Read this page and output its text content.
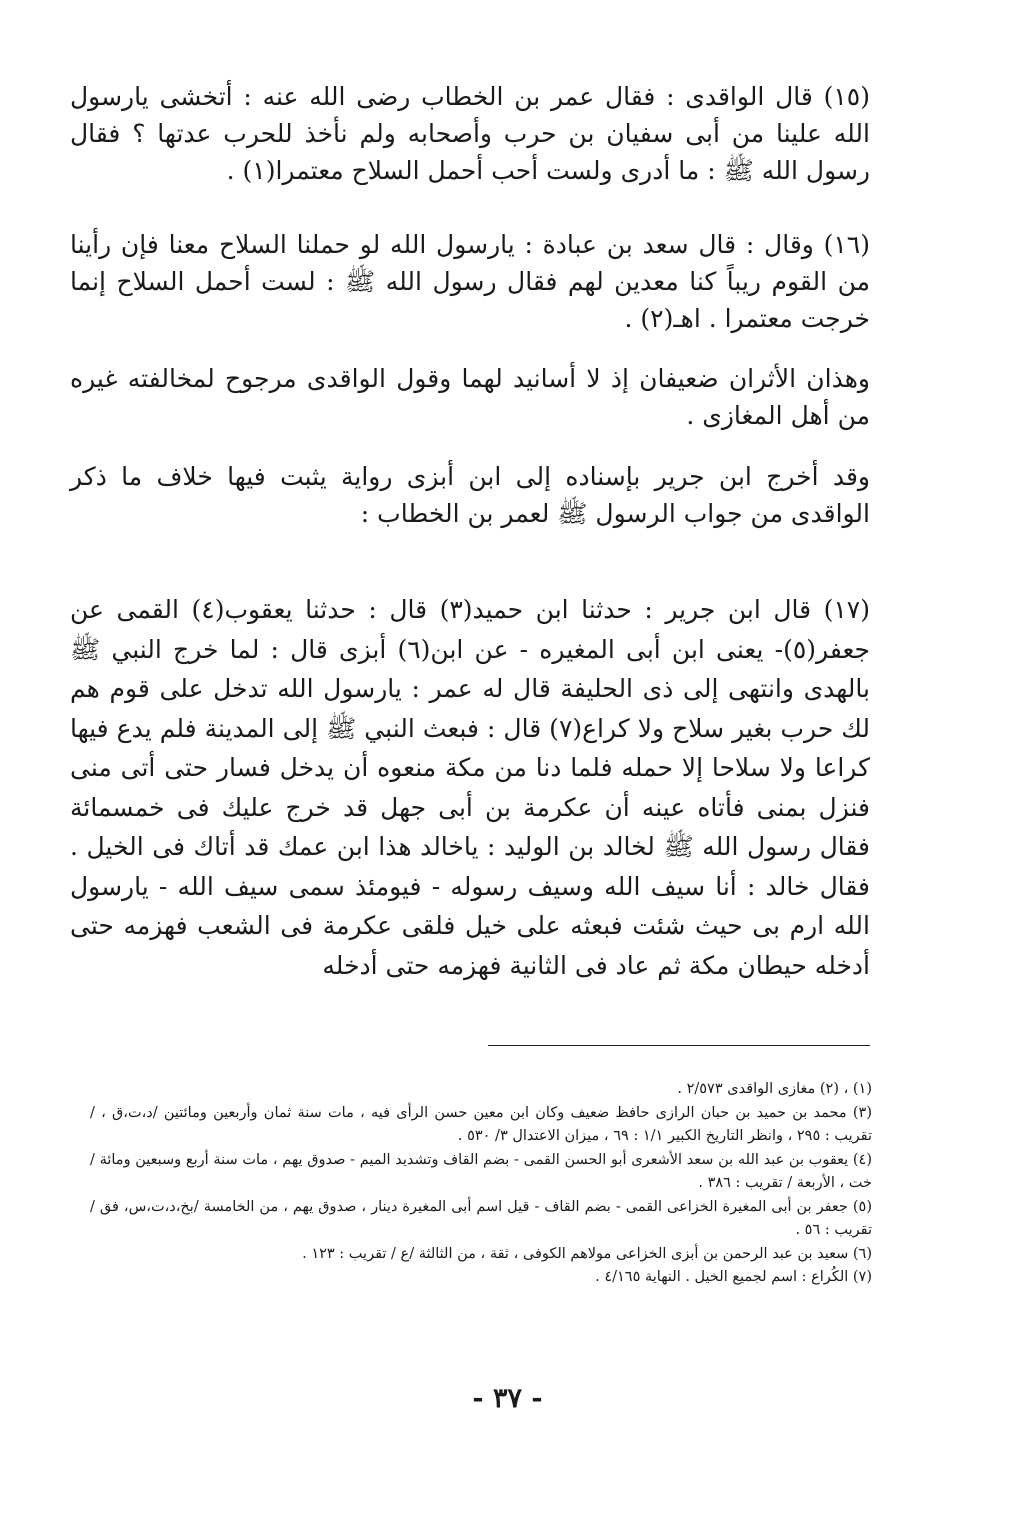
(١٥) قال الواقدى : فقال عمر بن الخطاب رضى الله عنه : أتخشى يارسول الله علينا من أبى سفيان بن حرب وأصحابه ولم نأخذ للحرب عدتها ؟ فقال رسول الله ﷺ : ما أدرى ولست أحب أحمل السلاح معتمرا(١) .

(١٦) وقال : قال سعد بن عبادة : يارسول الله لو حملنا السلاح معنا فإن رأينا من القوم ريباً كنا معدين لهم فقال رسول الله ﷺ : لست أحمل السلاح إنما خرجت معتمرا . اهـ(٢) .

وهذان الأثران ضعيفان إذ لا أسانيد لهما وقول الواقدى مرجوح لمخالفته غيره من أهل المغازى .

وقد أخرج ابن جرير بإسناده إلى ابن أبزى رواية يثبت فيها خلاف ما ذكر الواقدى من جواب الرسول ﷺ لعمر بن الخطاب :

(١٧) قال ابن جرير : حدثنا ابن حميد(٣) قال : حدثنا يعقوب(٤) القمى عن جعفر(٥)- يعنى ابن أبى المغيره - عن ابن(٦) أبزى قال : لما خرج النبي ﷺ بالهدى وانتهى إلى ذى الحليفة قال له عمر : يارسول الله تدخل على قوم هم لك حرب بغير سلاح ولا كراع(٧) قال : فبعث النبي ﷺ إلى المدينة فلم يدع فيها كراعا ولا سلاحا إلا حمله فلما دنا من مكة منعوه أن يدخل فسار حتى أتى منى فنزل بمنى فأتاه عينه أن عكرمة بن أبى جهل قد خرج عليك فى خمسمائة فقال رسول الله ﷺ لخالد بن الوليد : ياخالد هذا ابن عمك قد أتاك فى الخيل . فقال خالد : أنا سيف الله وسيف رسوله - فيومئذ سمى سيف الله - يارسول الله ارم بى حيث شئت فبعثه على خيل فلقى عكرمة فى الشعب فهزمه حتى أدخله حيطان مكة ثم عاد فى الثانية فهزمه حتى أدخله

(١) ، (٢) مغازى الواقدى ٢/٥٧٣ .

(٣) محمد بن حميد بن حبان الرازى حافظ ضعيف وكان ابن معين حسن الرأى فيه ، مات سنة ثمان وأربعين ومائتين /د،ت،ق ، / تقريب : ٢٩٥ ، وانظر التاريخ الكبير ١/١ : ٦٩ ، ميزان الاعتدال ٣/ ٥٣٠ .

(٤) يعقوب بن عبد الله بن سعد الأشعرى أبو الحسن القمى - بضم القاف وتشديد الميم - صدوق يهم ، مات سنة أربع وسبعين ومائة / خت ، الأربعة / تقريب : ٣٨٦ .

(٥) جعفر بن أبى المغيرة الخزاعى القمى - بضم القاف - قيل اسم أبى المغيرة دينار ، صدوق يهم ، من الخامسة /بخ،د،ت،س، فق / تقريب : ٥٦ .

(٦) سعيد بن عبد الرحمن بن أبزى الخزاعى مولاهم الكوفى ، ثقة ، من الثالثة /ع / تقريب : ١٢٣ .

(٧) الكُراع : اسم لجميع الخيل . النهاية ٤/١٦٥ .

- ٣٧ -
